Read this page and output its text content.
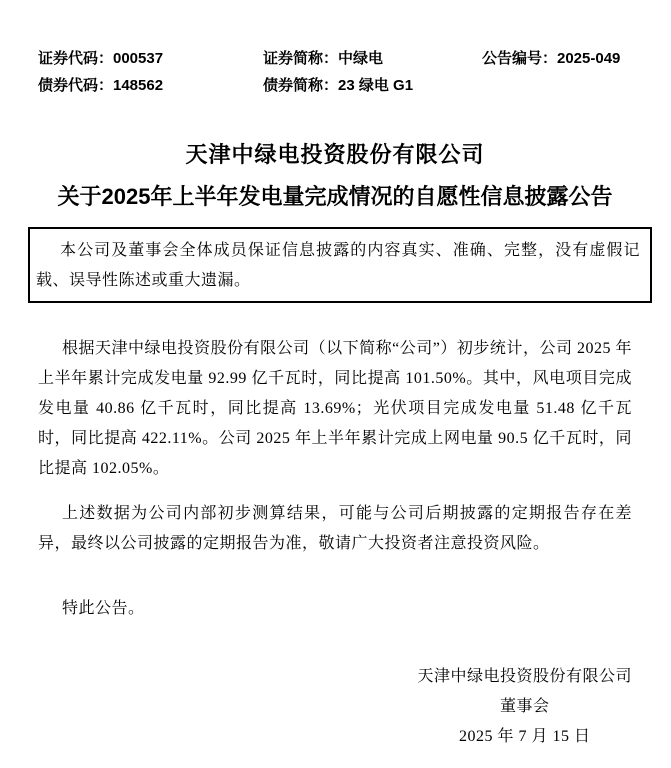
证券代码：000537	证券简称：中绿电	公告编号：2025-049
债券代码：148562	债券简称：23 绿电 G1
天津中绿电投资股份有限公司
关于2025年上半年发电量完成情况的自愿性信息披露公告

本公司及董事会全体成员保证信息披露的内容真实、准确、完整，没有虚假记载、误导性陈述或重大遗漏。

根据天津中绿电投资股份有限公司（以下简称“公司”）初步统计，公司 2025 年上半年累计完成发电量 92.99 亿千瓦时，同比提高 101.50%。其中，风电项目完成发电量 40.86 亿千瓦时，同比提高 13.69%；光伏项目完成发电量 51.48 亿千瓦时，同比提高 422.11%。公司 2025 年上半年累计完成上网电量 90.5 亿千瓦时，同比提高 102.05%。

上述数据为公司内部初步测算结果，可能与公司后期披露的定期报告存在差异，最终以公司披露的定期报告为准，敬请广大投资者注意投资风险。

特此公告。

天津中绿电投资股份有限公司
董事会
2025 年 7 月 15 日
